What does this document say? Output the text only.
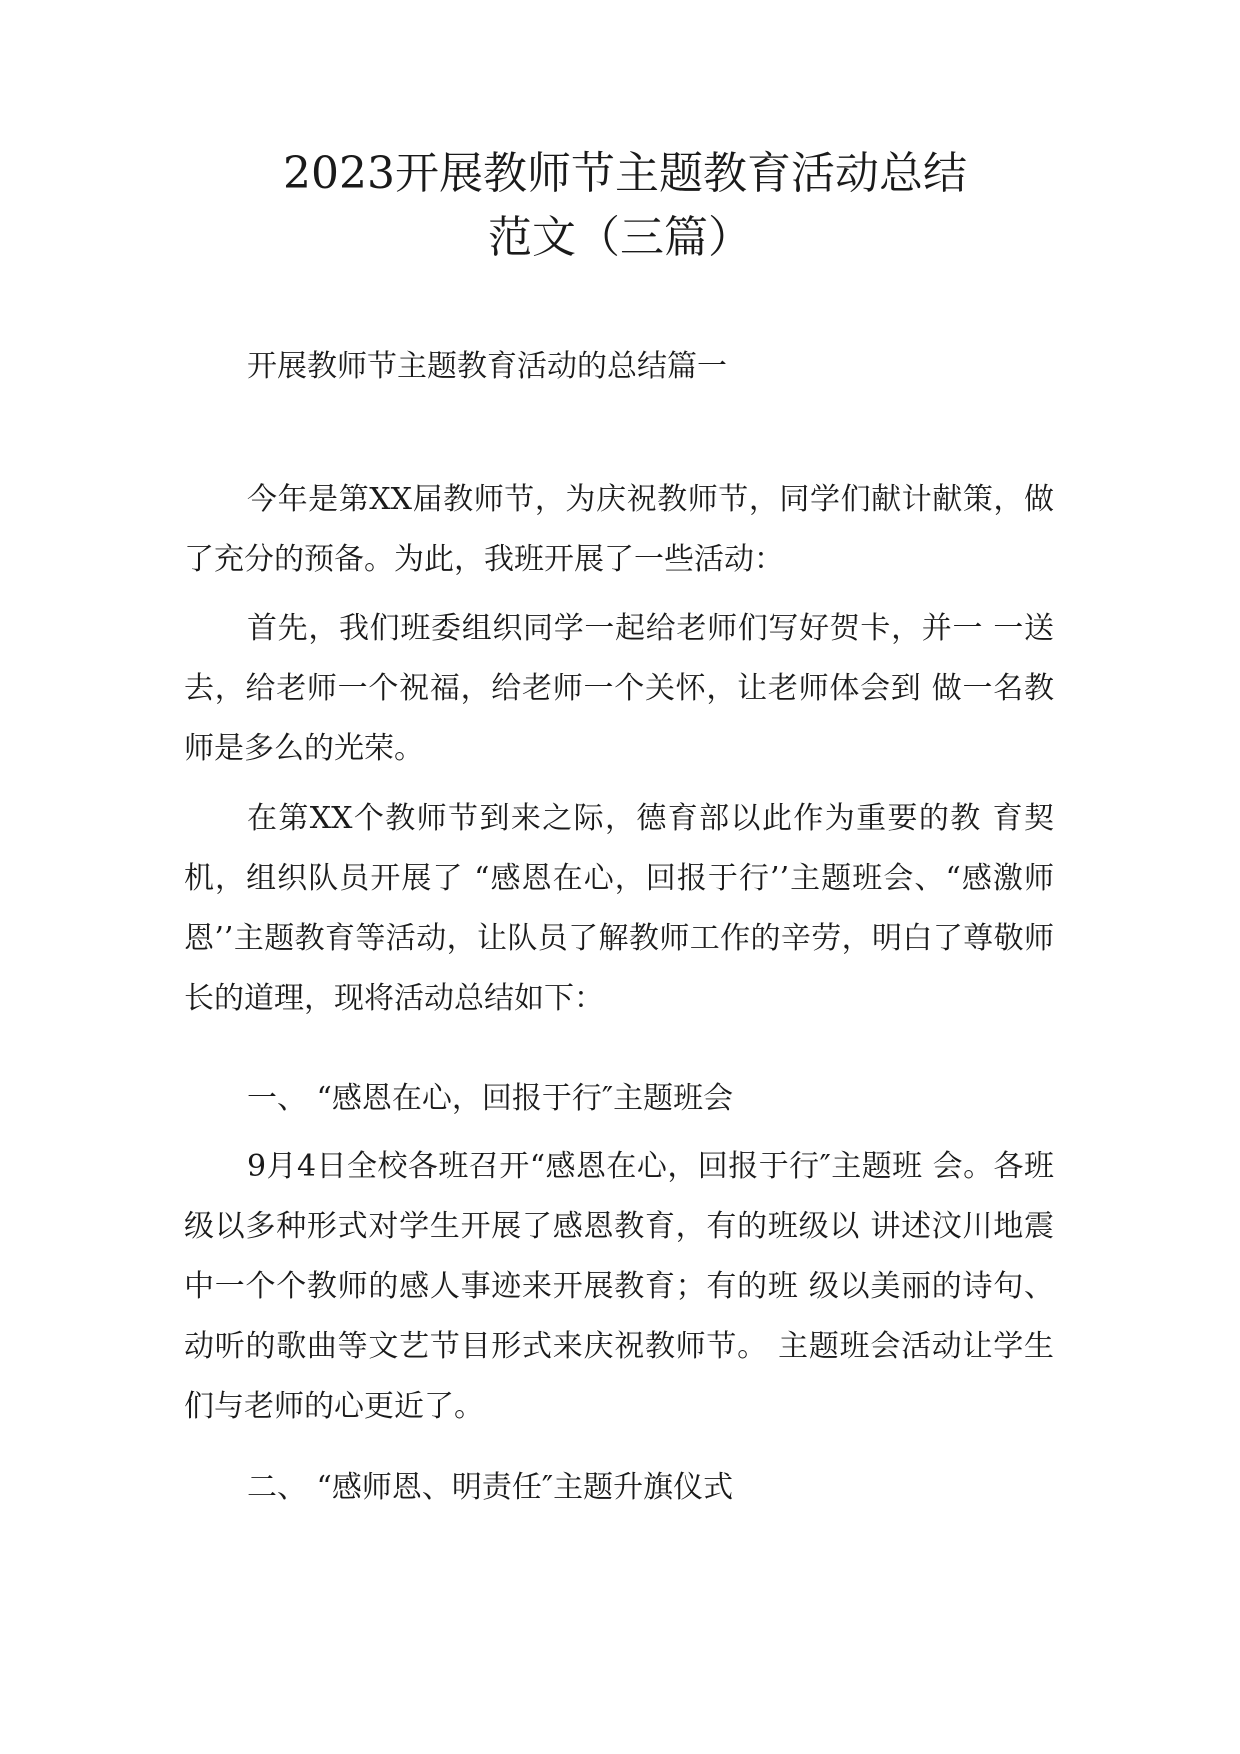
2023开展教师节主题教育活动总结
范文（三篇）

开展教师节主题教育活动的总结篇一

今年是第XX届教师节，为庆祝教师节，同学们献计献策，做了充分的预备。为此，我班开展了一些活动：

首先，我们班委组织同学一起给老师们写好贺卡，并一 一送去，给老师一个祝福，给老师一个关怀，让老师体会到 做一名教师是多么的光荣。

在第XX个教师节到来之际，德育部以此作为重要的教 育契机，组织队员开展了 “感恩在心，回报于行’’主题班会、“感激师恩’’主题教育等活动，让队员了解教师工作的辛劳，明白了尊敬师长的道理，现将活动总结如下：

一、 “感恩在心，回报于行″主题班会

9月4日全校各班召开“感恩在心，回报于行″主题班 会。各班级以多种形式对学生开展了感恩教育，有的班级以 讲述汶川地震中一个个教师的感人事迹来开展教育；有的班 级以美丽的诗句、动听的歌曲等文艺节目形式来庆祝教师节。 主题班会活动让学生们与老师的心更近了。

二、 “感师恩、明责任″主题升旗仪式
